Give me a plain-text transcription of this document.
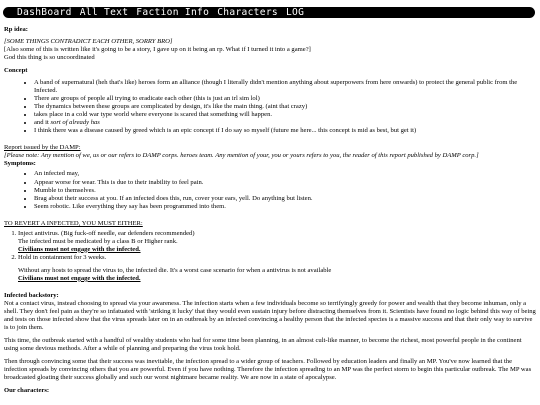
DashBoard All Text Faction Info Characters LOG

Rp idea:

[SOME THINGS CONTRADICT EACH OTHER, SORRY BRO]

[Also some of this is written like it's going to be a story, I gave up on it being an rp. What if I turned it into a game?]

God this thing is so uncoordinated

Concept

• A band of supernatural (heh that's like) heroes form an alliance (though I literally didn't mention anything about superpowers from here onwards) to protect the general public from the Infected.
• There are groups of people all trying to eradicate each other (this is just an irl sim lol)
• The dynamics between these groups are complicated by design, it's like the main thing. (aint that crazy)
• takes place in a cold war type world where everyone is scared that something will happen.
• and it sort of already has
• I think there was a disease caused by greed which is an epic concept if I do say so myself (future me here... this concept is mid as best, but get it)

Report issued by the DAMP:

[Please note: Any mention of we, us or our refers to DAMP corps. heroes team. Any mention of your, you or yours refers to you, the reader of this report published by DAMP corp.]

Symptoms:

• An infected may,
• Appear worse for wear. This is due to their inability to feel pain.
• Mumble to themselves.
• Brag about their success at you. If an infected does this, run, cover your ears, yell. Do anything but listen.
• Seem robotic. Like everything they say has been programmed into them.

TO REVERT A INFECTED, YOU MUST EITHER:

1. Inject antivirus. (Big fuck-off needle, ear defenders recommended)
The infected must be medicated by a class B or Higher rank.
Civilians must not engage with the infected.
2. Hold in containment for 3 weeks.
Without any hosts to spread the virus to, the infected die. It's a worst case scenario for when a antivirus is not available
Civilians must not engage with the infected.

Infected backstory:

Not a contact virus, instead choosing to spread via your awareness. The infection starts when a few individuals become so terrifyingly greedy for power and wealth that they become inhuman, only a shell. They don't feel pain as they're so infatuated with 'striking it lucky' that they would even sustain injury before distracting themselves from it. Scientists have found no logic behind this way of being and tests on those infected show that the virus spreads later on in an outbreak by an infected convincing a healthy person that the infected species is a massive success and that their only way to survive is to join them.

This time, the outbreak started with a handful of wealthy students who had for some time been planning, in an almost cult-like manner, to become the richest, most powerful people in the continent using some devious methods. After a while of planning and preparing the virus took hold.

Then through convincing some that their success was inevitable, the infection spread to a wider group of teachers. Followed by education leaders and finally an MP. You've now learned that the infection spreads by convincing others that you are powerful. Even if you have nothing. Therefore the infection spreading to an MP was the perfect storm to begin this particular outbreak. The MP was broadcasted gloating their success globally and such our worst nightmare became reality. We are now in a state of apocalypse.

Our characters:
